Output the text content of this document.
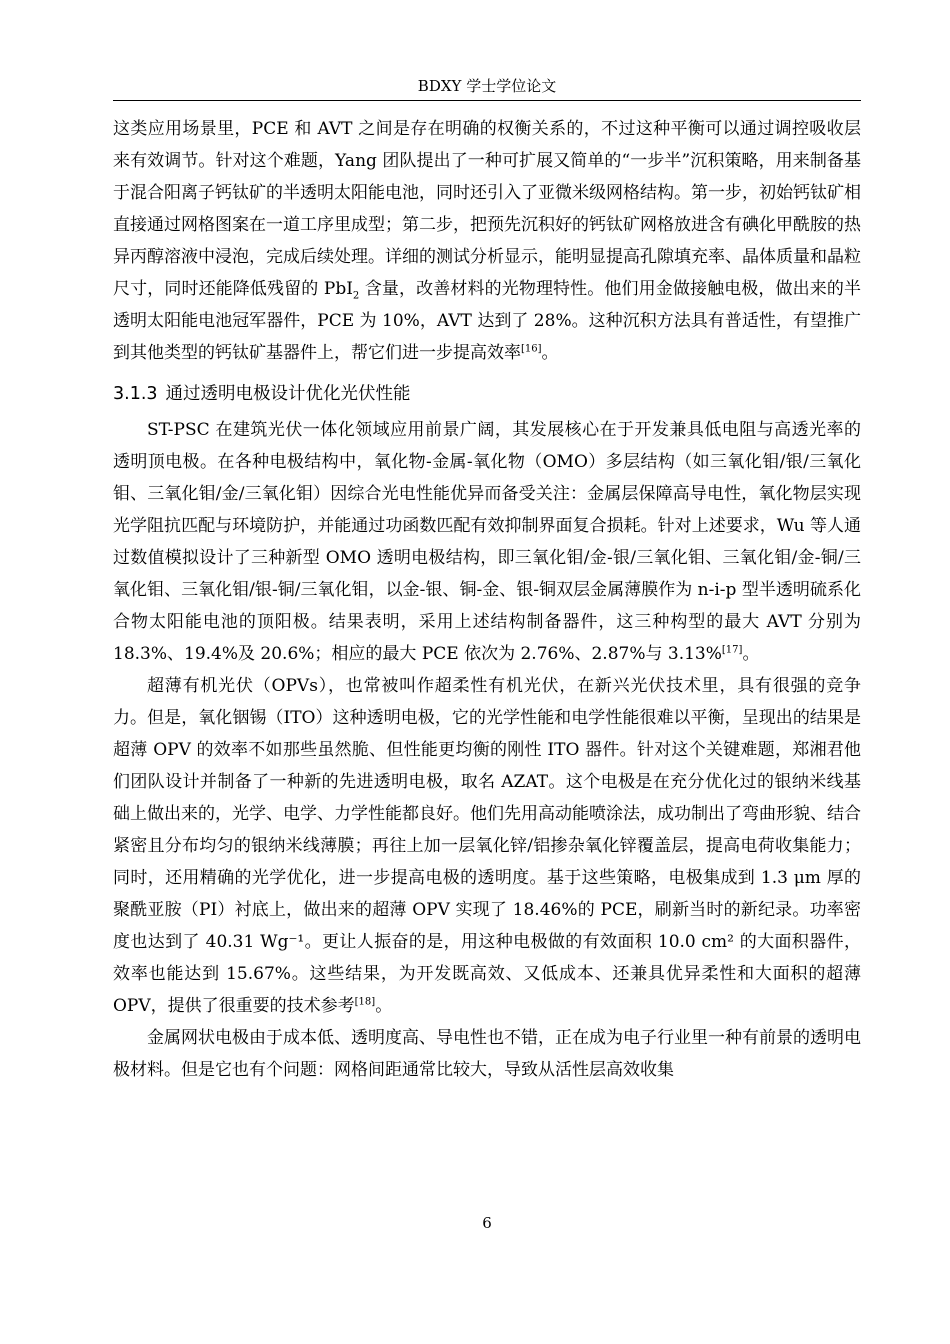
BDXY 学士学位论文

这类应用场景里，PCE 和 AVT 之间是存在明确的权衡关系的，不过这种平衡可以通过调控吸收层来有效调节。针对这个难题，Yang 团队提出了一种可扩展又简单的“一步半”沉积策略，用来制备基于混合阳离子钙钛矿的半透明太阳能电池，同时还引入了亚微米级网格结构。第一步，初始钙钛矿相直接通过网格图案在一道工序里成型；第二步，把预先沉积好的钙钛矿网格放进含有碘化甲酰胺的热异丙醇溶液中浸泡，完成后续处理。详细的测试分析显示，能明显提高孔隙填充率、晶体质量和晶粒尺寸，同时还能降低残留的 PbI$_2$ 含量，改善材料的光物理特性。他们用金做接触电极，做出来的半透明太阳能电池冠军器件，PCE 为 10%，AVT 达到了 28%。这种沉积方法具有普适性，有望推广到其他类型的钙钛矿基器件上，帮它们进一步提高效率[16]。

3.1.3 通过透明电极设计优化光伏性能

ST-PSC 在建筑光伏一体化领域应用前景广阔，其发展核心在于开发兼具低电阻与高透光率的透明顶电极。在各种电极结构中，氧化物-金属-氧化物（OMO）多层结构（如三氧化钼/银/三氧化钼、三氧化钼/金/三氧化钼）因综合光电性能优异而备受关注：金属层保障高导电性，氧化物层实现光学阻抗匹配与环境防护，并能通过功函数匹配有效抑制界面复合损耗。针对上述要求，Wu 等人通过数值模拟设计了三种新型 OMO 透明电极结构，即三氧化钼/金-银/三氧化钼、三氧化钼/金-铜/三氧化钼、三氧化钼/银-铜/三氧化钼，以金-银、铜-金、银-铜双层金属薄膜作为 n-i-p 型半透明硫系化合物太阳能电池的顶阳极。结果表明，采用上述结构制备器件，这三种构型的最大 AVT 分别为 18.3%、19.4%及 20.6%；相应的最大 PCE 依次为 2.76%、2.87%与 3.13%[17]。

超薄有机光伏（OPVs），也常被叫作超柔性有机光伏，在新兴光伏技术里，具有很强的竞争力。但是，氧化铟锡（ITO）这种透明电极，它的光学性能和电学性能很难以平衡，呈现出的结果是超薄 OPV 的效率不如那些虽然脆、但性能更均衡的刚性 ITO 器件。针对这个关键难题，郑湘君他们团队设计并制备了一种新的先进透明电极，取名 AZAT。这个电极是在充分优化过的银纳米线基础上做出来的，光学、电学、力学性能都良好。他们先用高动能喷涂法，成功制出了弯曲形貌、结合紧密且分布均匀的银纳米线薄膜；再往上加一层氧化锌/铝掺杂氧化锌覆盖层，提高电荷收集能力；同时，还用精确的光学优化，进一步提高电极的透明度。基于这些策略，电极集成到 1.3 μm 厚的聚酰亚胺（PI）衬底上，做出来的超薄 OPV 实现了 18.46%的 PCE，刷新当时的新纪录。功率密度也达到了 40.31 Wg⁻¹。更让人振奋的是，用这种电极做的有效面积 10.0 cm² 的大面积器件，效率也能达到 15.67%。这些结果，为开发既高效、又低成本、还兼具优异柔性和大面积的超薄 OPV，提供了很重要的技术参考[18]。

金属网状电极由于成本低、透明度高、导电性也不错，正在成为电子行业里一种有前景的透明电极材料。但是它也有个问题：网格间距通常比较大，导致从活性层高效收集

6
